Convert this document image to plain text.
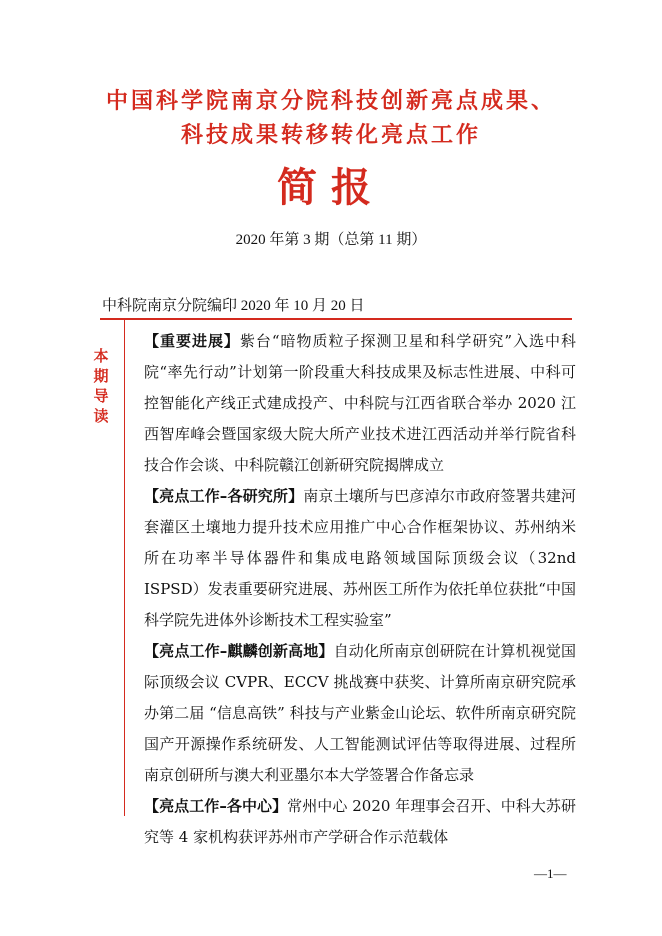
中国科学院南京分院科技创新亮点成果、
科技成果转移转化亮点工作
简报
2020 年第 3 期（总第 11 期）
中科院南京分院编印 2020 年 10 月 20 日
本
期
导
读

【重要进展】紫台“暗物质粒子探测卫星和科学研究”入选中科院“率先行动”计划第一阶段重大科技成果及标志性进展、中科可控智能化产线正式建成投产、中科院与江西省联合举办 2020 江西智库峰会暨国家级大院大所产业技术进江西活动并举行院省科技合作会谈、中科院赣江创新研究院揭牌成立

【亮点工作–各研究所】南京土壤所与巴彦淖尔市政府签署共建河套灌区土壤地力提升技术应用推广中心合作框架协议、苏州纳米所在功率半导体器件和集成电路领域国际顶级会议（32nd ISPSD）发表重要研究进展、苏州医工所作为依托单位获批“中国科学院先进体外诊断技术工程实验室”

【亮点工作–麒麟创新高地】自动化所南京创研院在计算机视觉国际顶级会议 CVPR、ECCV 挑战赛中获奖、计算所南京研究院承办第二届 “信息高铁” 科技与产业紫金山论坛、软件所南京研究院国产开源操作系统研发、人工智能测试评估等取得进展、过程所南京创研所与澳大利亚墨尔本大学签署合作备忘录

【亮点工作–各中心】常州中心 2020 年理事会召开、中科大苏研究等 4 家机构获评苏州市产学研合作示范载体

—1—
